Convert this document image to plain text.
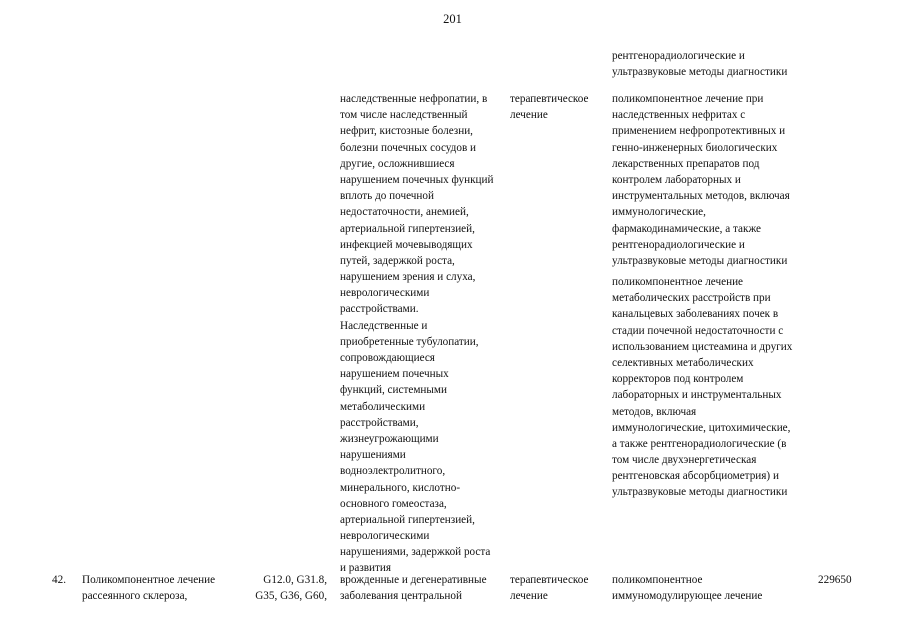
201
рентгенорадиологические и
ультразвуковые методы диагностики
наследственные нефропатии, в
том числе наследственный
нефрит, кистозные болезни,
болезни почечных сосудов и
другие, осложнившиеся
нарушением почечных функций
вплоть до почечной
недостаточности, анемией,
артериальной гипертензией,
инфекцией мочевыводящих
путей, задержкой роста,
нарушением зрения и слуха,
неврологическими
расстройствами.
Наследственные и
приобретенные тубулопатии,
сопровождающиеся
нарушением почечных
функций, системными
метаболическими
расстройствами,
жизнеугрожающими
нарушениями
водноэлектролитного,
минерального, кислотно-
основного гомеостаза,
артериальной гипертензией,
неврологическими
нарушениями, задержкой роста
и развития
терапевтическое
лечение
поликомпонентное лечение при
наследственных нефритах с
применением нефропротективных и
генно-инженерных биологических
лекарственных препаратов под
контролем лабораторных и
инструментальных методов, включая
иммунологические,
фармакодинамические, а также
рентгенорадиологические и
ультразвуковые методы диагностики
поликомпонентное лечение
метаболических расстройств при
канальцевых заболеваниях почек в
стадии почечной недостаточности с
использованием цистеамина и других
селективных метаболических
корректоров под контролем
лабораторных и инструментальных
методов, включая
иммунологические, цитохимические,
а также рентгенорадиологические (в
том числе двухэнергетическая
рентгеновская абсорбциометрия) и
ультразвуковые методы диагностики
42. Поликомпонентное лечение
рассеянного склероза,
G12.0, G31.8,
G35, G36, G60,
врожденные и дегенеративные
заболевания центральной
терапевтическое
лечение
поликомпонентное
иммуномодулирующее лечение
229650
